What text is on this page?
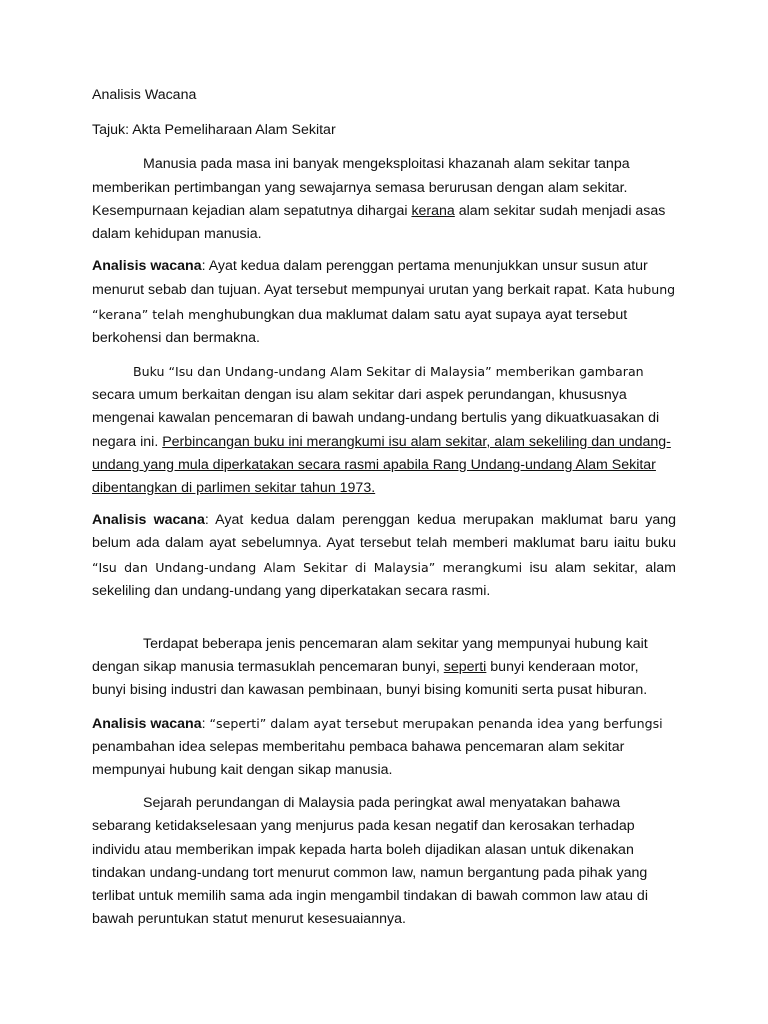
Analisis Wacana

Tajuk: Akta Pemeliharaan Alam Sekitar

Manusia pada masa ini banyak mengeksploitasi khazanah alam sekitar tanpa memberikan pertimbangan yang sewajarnya semasa berurusan dengan alam sekitar. Kesempurnaan kejadian alam sepatutnya dihargai kerana alam sekitar sudah menjadi asas dalam kehidupan manusia.

Analisis wacana: Ayat kedua dalam perenggan pertama menunjukkan unsur susun atur menurut sebab dan tujuan. Ayat tersebut mempunyai urutan yang berkait rapat. Kata hubung “kerana” telah menghubungkan dua maklumat dalam satu ayat supaya ayat tersebut berkohensi dan bermakna.

Buku “Isu dan Undang-undang Alam Sekitar di Malaysia” memberikan gambaran secara umum berkaitan dengan isu alam sekitar dari aspek perundangan, khususnya mengenai kawalan pencemaran di bawah undang-undang bertulis yang dikuatkuasakan di negara ini. Perbincangan buku ini merangkumi isu alam sekitar, alam sekeliling dan undang-undang yang mula diperkatakan secara rasmi apabila Rang Undang-undang Alam Sekitar dibentangkan di parlimen sekitar tahun 1973.

Analisis wacana: Ayat kedua dalam perenggan kedua merupakan maklumat baru yang belum ada dalam ayat sebelumnya. Ayat tersebut telah memberi maklumat baru iaitu buku “Isu dan Undang-undang Alam Sekitar di Malaysia” merangkumi isu alam sekitar, alam sekeliling dan undang-undang yang diperkatakan secara rasmi.

Terdapat beberapa jenis pencemaran alam sekitar yang mempunyai hubung kait dengan sikap manusia termasuklah pencemaran bunyi, seperti bunyi kenderaan motor, bunyi bising industri dan kawasan pembinaan, bunyi bising komuniti serta pusat hiburan.

Analisis wacana: “seperti” dalam ayat tersebut merupakan penanda idea yang berfungsi penambahan idea selepas memberitahu pembaca bahawa pencemaran alam sekitar mempunyai hubung kait dengan sikap manusia.

Sejarah perundangan di Malaysia pada peringkat awal menyatakan bahawa sebarang ketidakselesaan yang menjurus pada kesan negatif dan kerosakan terhadap individu atau memberikan impak kepada harta boleh dijadikan alasan untuk dikenakan tindakan undang-undang tort menurut common law, namun bergantung pada pihak yang terlibat untuk memilih sama ada ingin mengambil tindakan di bawah common law atau di bawah peruntukan statut menurut kesesuaiannya.
